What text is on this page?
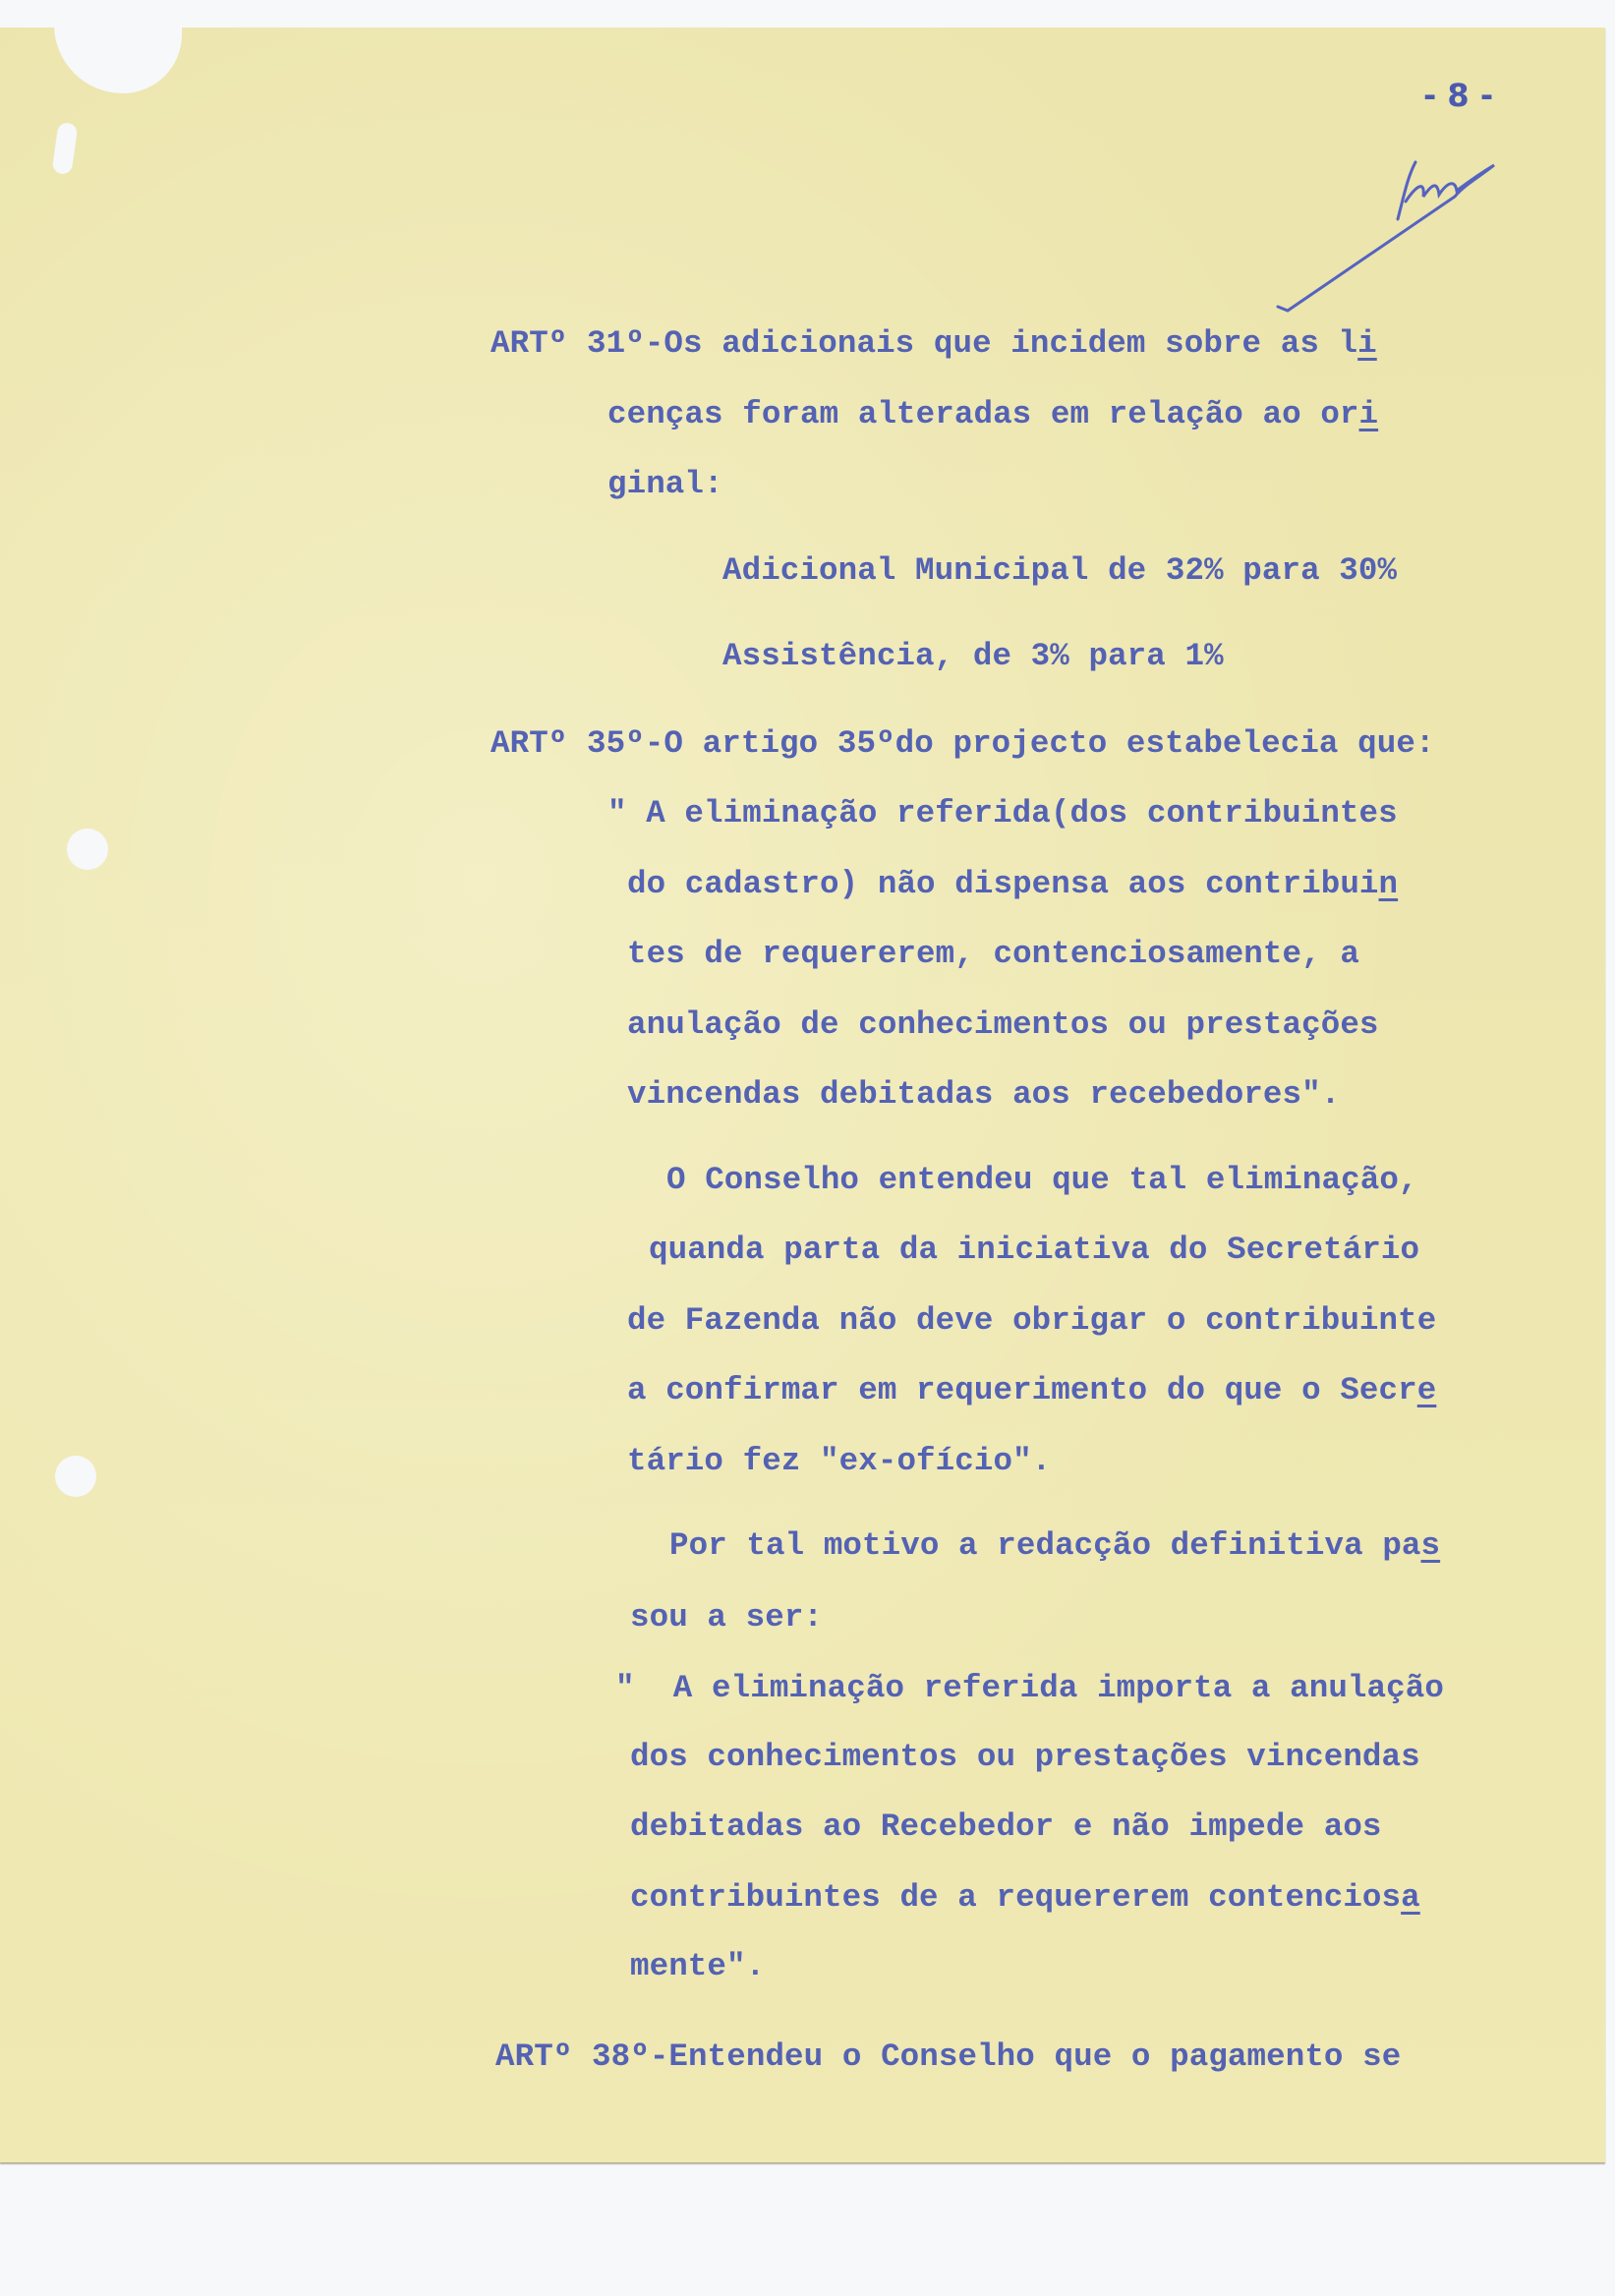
- 8 -
ARTº 31º-Os adicionais que incidem sobre as li
cenças foram alteradas em relação ao ori
ginal:
Adicional Municipal de 32% para 30%
Assistência, de 3% para 1%
ARTº 35º-O artigo 35ºdo projecto estabelecia que:
" A eliminação referida(dos contribuintes
do cadastro) não dispensa aos contribuin
tes de requererem, contenciosamente, a
anulação de conhecimentos ou prestações
vincendas debitadas aos recebedores".
O Conselho entendeu que tal eliminação,
quanda parta da iniciativa do Secretário
de Fazenda não deve obrigar o contribuinte
a confirmar em requerimento do que o Secre
tário fez "ex-ofício".
Por tal motivo a redacção definitiva pas
sou a ser:
"  A eliminação referida importa a anulação
dos conhecimentos ou prestações vincendas
debitadas ao Recebedor e não impede aos
contribuintes de a requererem contenciosa
mente".
ARTº 38º-Entendeu o Conselho que o pagamento se
